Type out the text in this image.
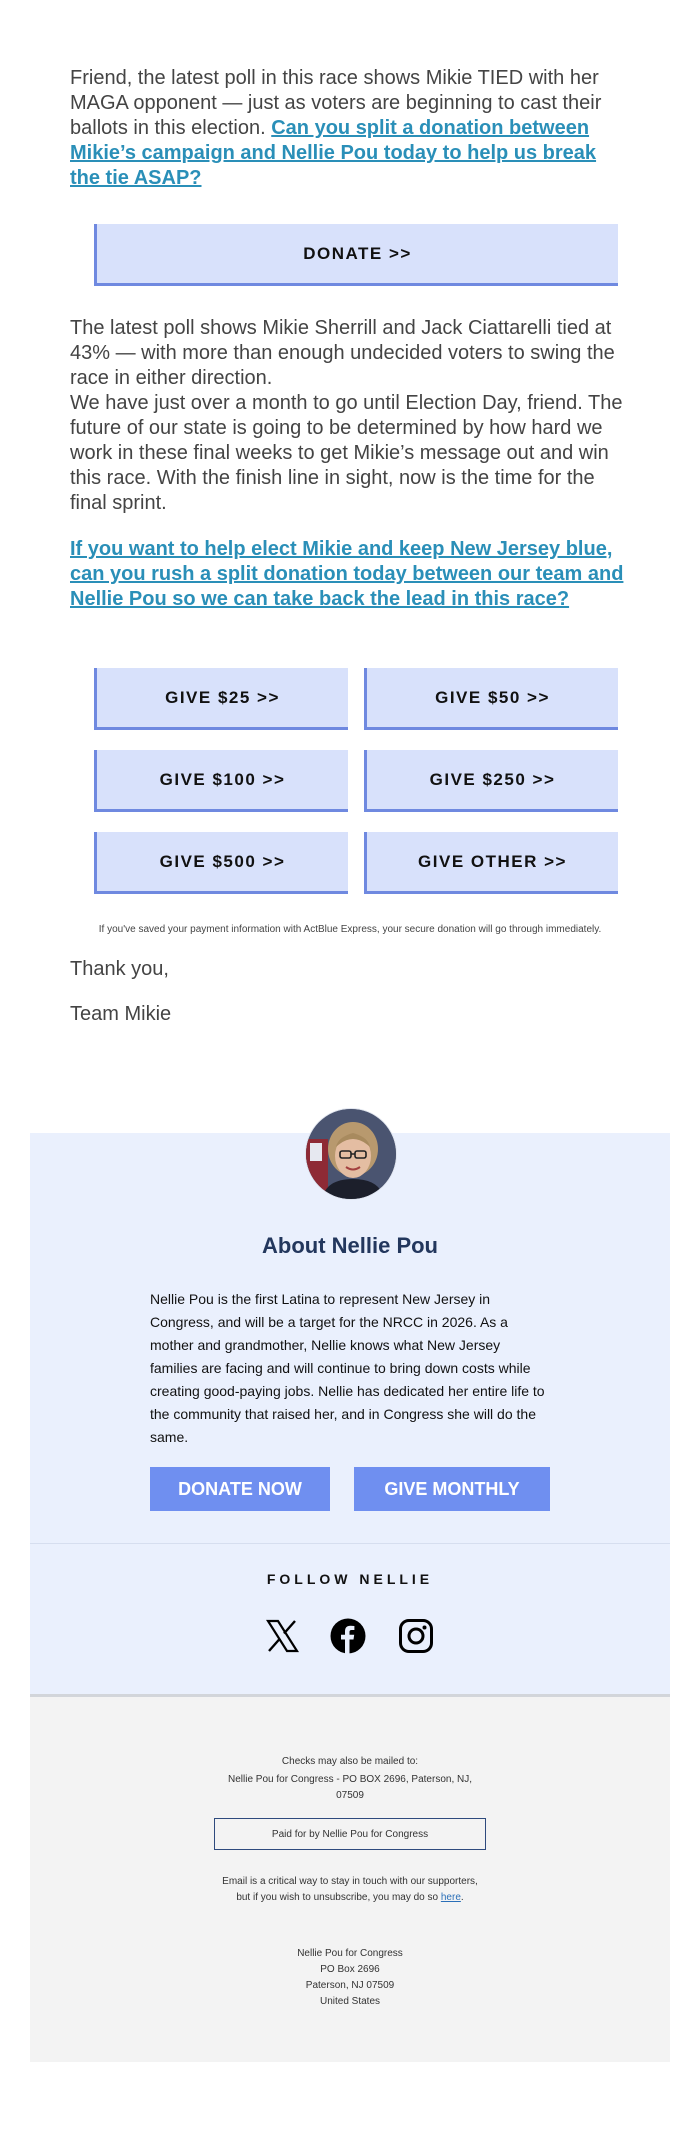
Friend, the latest poll in this race shows Mikie TIED with her MAGA opponent — just as voters are beginning to cast their ballots in this election. Can you split a donation between Mikie’s campaign and Nellie Pou today to help us break the tie ASAP?

DONATE >>

The latest poll shows Mikie Sherrill and Jack Ciattarelli tied at 43% — with more than enough undecided voters to swing the race in either direction.

We have just over a month to go until Election Day, friend. The future of our state is going to be determined by how hard we work in these final weeks to get Mikie’s message out and win this race. With the finish line in sight, now is the time for the final sprint.

If you want to help elect Mikie and keep New Jersey blue, can you rush a split donation today between our team and Nellie Pou so we can take back the lead in this race?

GIVE $25 >>	GIVE $50 >>
GIVE $100 >>	GIVE $250 >>
GIVE $500 >>	GIVE OTHER >>
If you've saved your payment information with ActBlue Express, your secure donation will go through immediately.
Thank you,
Team Mikie
About Nellie Pou
Nellie Pou is the first Latina to represent New Jersey in Congress, and will be a target for the NRCC in 2026. As a mother and grandmother, Nellie knows what New Jersey families are facing and will continue to bring down costs while creating good-paying jobs. Nellie has dedicated her entire life to the community that raised her, and in Congress she will do the same.
DONATE NOW	GIVE MONTHLY
FOLLOW NELLIE
Checks may also be mailed to:
Nellie Pou for Congress - PO BOX 2696, Paterson, NJ, 07509
Paid for by Nellie Pou for Congress
Email is a critical way to stay in touch with our supporters, but if you wish to unsubscribe, you may do so here.
Nellie Pou for Congress
PO Box 2696
Paterson, NJ 07509
United States
